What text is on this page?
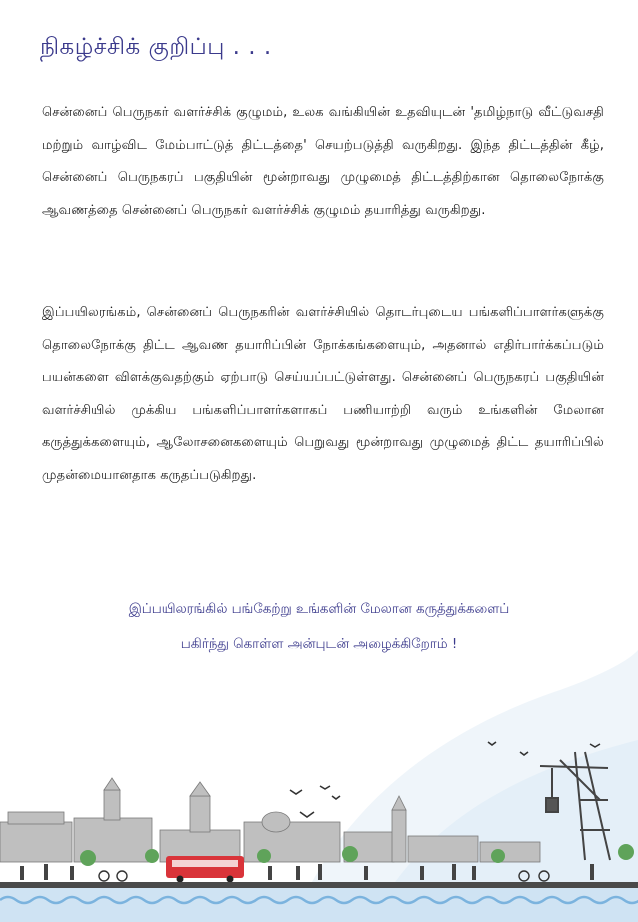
நிகழ்ச்சிக் குறிப்பு . . .
சென்னைப் பெருநகர் வளர்ச்சிக் குழுமம், உலக வங்கியின் உதவியுடன் 'தமிழ்நாடு வீட்டுவசதி மற்றும் வாழ்விட மேம்பாட்டுத் திட்டத்தை' செயற்படுத்தி வருகிறது. இந்த திட்டத்தின் கீழ், சென்னைப் பெருநகரப் பகுதியின் மூன்றாவது முழுமைத் திட்டத்திற்கான தொலைநோக்கு ஆவணத்தை சென்னைப் பெருநகர் வளர்ச்சிக் குழுமம் தயாரித்து வருகிறது.
இப்பயிலரங்கம், சென்னைப் பெருநகரின் வளர்ச்சியில் தொடர்புடைய பங்களிப்பாளர்களுக்கு தொலைநோக்கு திட்ட ஆவண தயாரிப்பின் நோக்கங்களையும், அதனால் எதிர்பார்க்கப்படும் பயன்களை விளக்குவதற்கும் ஏற்பாடு செய்யப்பட்டுள்ளது. சென்னைப் பெருநகரப் பகுதியின் வளர்ச்சியில் முக்கிய பங்களிப்பாளர்களாகப் பணியாற்றி வரும் உங்களின் மேலான கருத்துக்களையும், ஆலோசனைகளையும் பெறுவது மூன்றாவது முழுமைத் திட்ட தயாரிப்பில் முதன்மையானதாக கருதப்படுகிறது.
இப்பயிலரங்கில் பங்கேற்று உங்களின் மேலான கருத்துக்களைப்
பகிர்ந்து கொள்ள அன்புடன் அழைக்கிறோம் !
